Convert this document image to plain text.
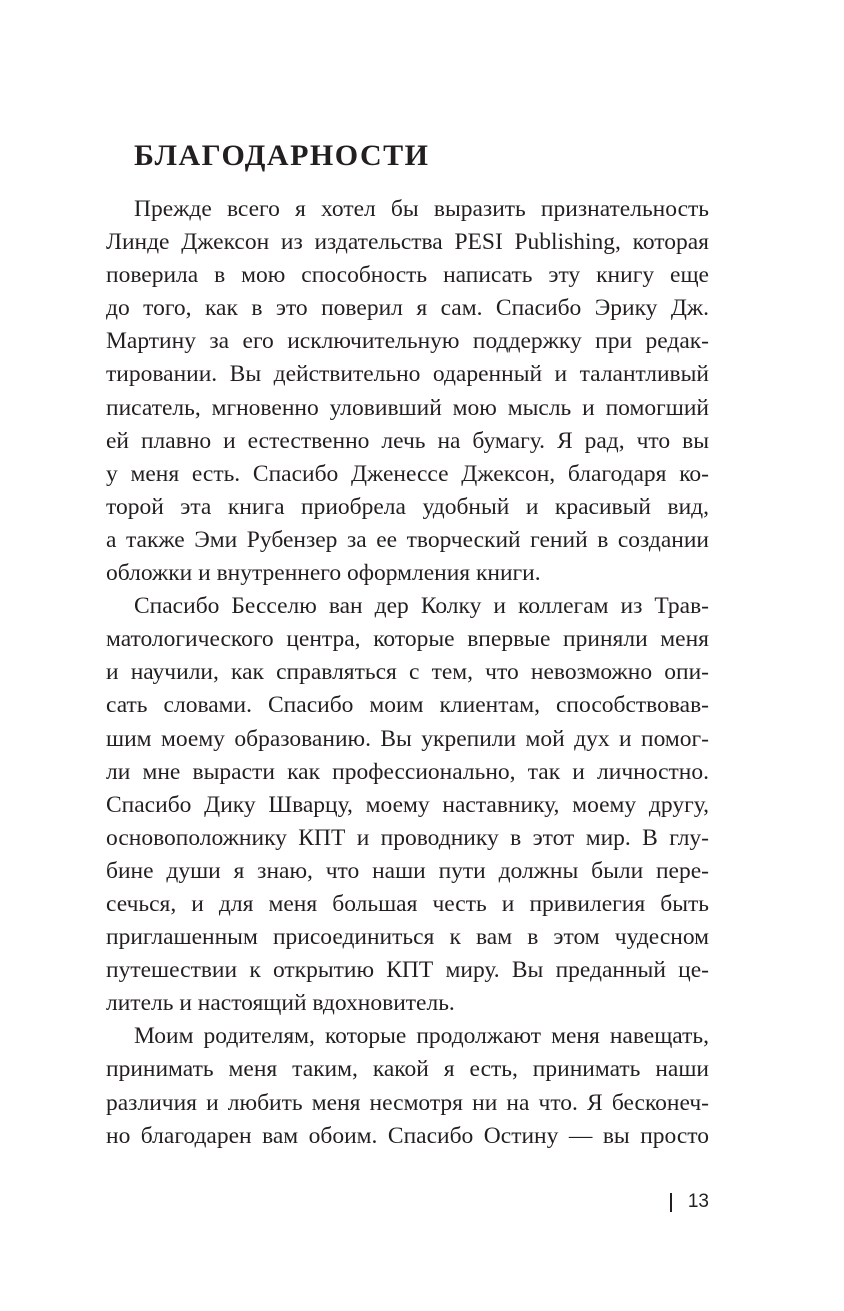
БЛАГОДАРНОСТИ

Прежде всего я хотел бы выразить признательность
Линде Джексон из издательства PESI Publishing, которая
поверила в мою способность написать эту книгу еще
до того, как в это поверил я сам. Спасибо Эрику Дж.
Мартину за его исключительную поддержку при редак-
тировании. Вы действительно одаренный и талантливый
писатель, мгновенно уловивший мою мысль и помогший
ей плавно и естественно лечь на бумагу. Я рад, что вы
у меня есть. Спасибо Дженессе Джексон, благодаря ко-
торой эта книга приобрела удобный и красивый вид,
а также Эми Рубензер за ее творческий гений в создании
обложки и внутреннего оформления книги.

Спасибо Бесселю ван дер Колку и коллегам из Трав-
матологического центра, которые впервые приняли меня
и научили, как справляться с тем, что невозможно опи-
сать словами. Спасибо моим клиентам, способствовав-
шим моему образованию. Вы укрепили мой дух и помог-
ли мне вырасти как профессионально, так и личностно.
Спасибо Дику Шварцу, моему наставнику, моему другу,
основоположнику КПТ и проводнику в этот мир. В глу-
бине души я знаю, что наши пути должны были пере-
сечься, и для меня большая честь и привилегия быть
приглашенным присоединиться к вам в этом чудесном
путешествии к открытию КПТ миру. Вы преданный це-
литель и настоящий вдохновитель.

Моим родителям, которые продолжают меня навещать,
принимать меня таким, какой я есть, принимать наши
различия и любить меня несмотря ни на что. Я бесконеч-
но благодарен вам обоим. Спасибо Остину — вы просто

13
